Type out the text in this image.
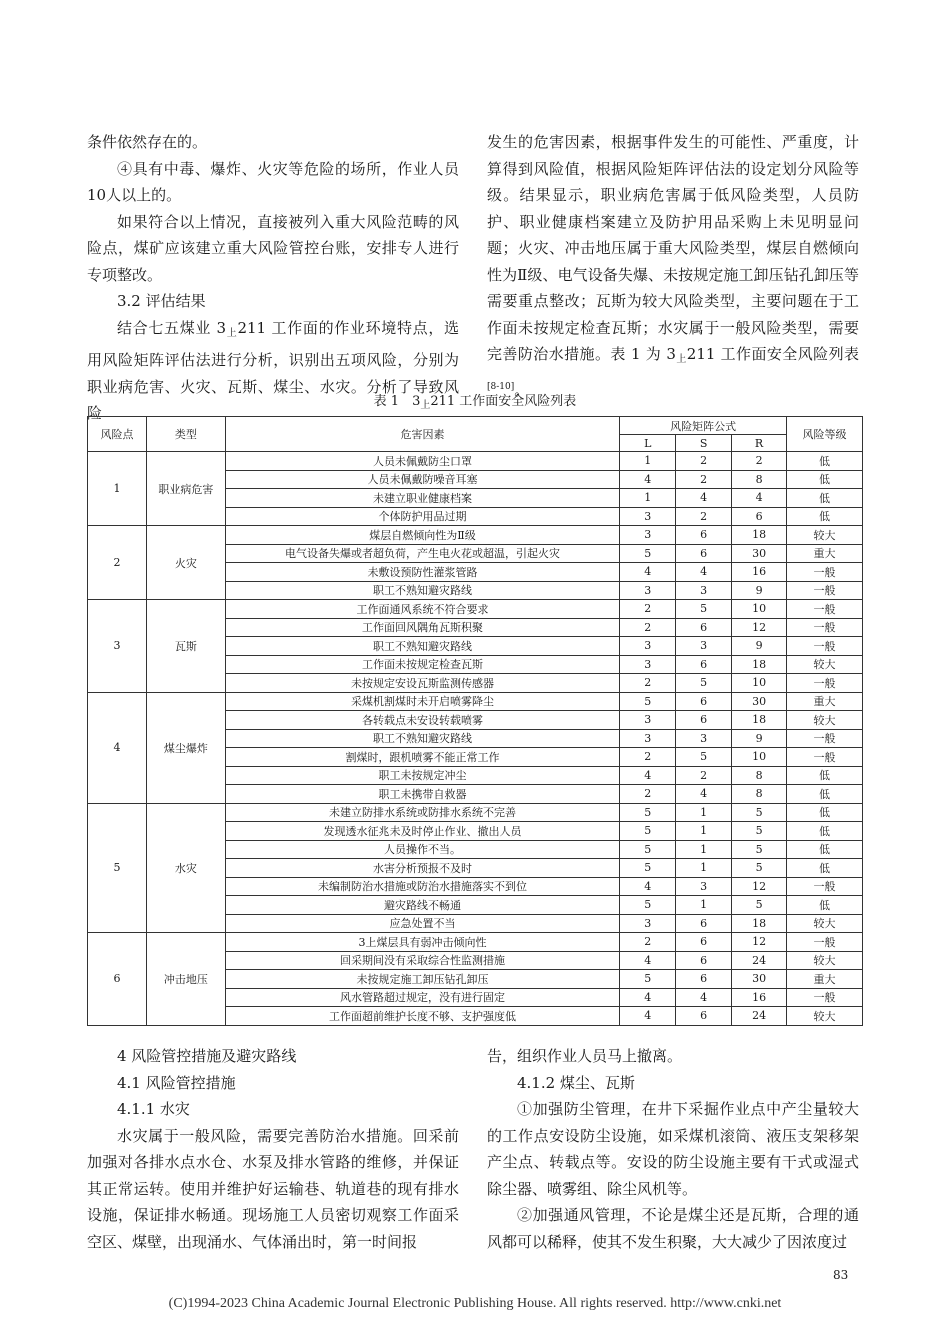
条件依然存在的。

④具有中毒、爆炸、火灾等危险的场所，作业人员10人以上的。

如果符合以上情况，直接被列入重大风险范畴的风险点，煤矿应该建立重大风险管控台账，安排专人进行专项整改。

3.2 评估结果

结合七五煤业 $3_上211$ 工作面的作业环境特点，选用风险矩阵评估法进行分析，识别出五项风险，分别为职业病危害、火灾、瓦斯、煤尘、水灾。分析了导致风险

发生的危害因素，根据事件发生的可能性、严重度，计算得到风险值，根据风险矩阵评估法的设定划分风险等级。结果显示，职业病危害属于低风险类型，人员防护、职业健康档案建立及防护用品采购上未见明显问题；火灾、冲击地压属于重大风险类型，煤层自燃倾向性为Ⅱ级、电气设备失爆、未按规定施工卸压钻孔卸压等需要重点整改；瓦斯为较大风险类型，主要问题在于工作面未按规定检查瓦斯；水灾属于一般风险类型，需要完善防治水措施。表 1 为 $3_上211$ 工作面安全风险列表[8-10]。

表 1　$3_上211$ 工作面安全风险列表
风险点	类型	危害因素	风险矩阵公式			风险等级
			L	S	R	
1	职业病危害	人员未佩戴防尘口罩	1	2	2	低
		人员未佩戴防噪音耳塞	4	2	8	低
		未建立职业健康档案	1	4	4	低
		个体防护用品过期	3	2	6	低
2	火灾	煤层自燃倾向性为Ⅱ级	3	6	18	较大
		电气设备失爆或者超负荷，产生电火花或超温，引起火灾	5	6	30	重大
		未敷设预防性灌浆管路	4	4	16	一般
		职工不熟知避灾路线	3	3	9	一般
3	瓦斯	工作面通风系统不符合要求	2	5	10	一般
		工作面回风隅角瓦斯积聚	2	6	12	一般
		职工不熟知避灾路线	3	3	9	一般
		工作面未按规定检查瓦斯	3	6	18	较大
		未按规定安设瓦斯监测传感器	2	5	10	一般
4	煤尘爆炸	采煤机割煤时未开启喷雾降尘	5	6	30	重大
		各转载点未安设转载喷雾	3	6	18	较大
		职工不熟知避灾路线	3	3	9	一般
		割煤时，跟机喷雾不能正常工作	2	5	10	一般
		职工未按规定冲尘	4	2	8	低
		职工未携带自救器	2	4	8	低
5	水灾	未建立防排水系统或防排水系统不完善	5	1	5	低
		发现透水征兆未及时停止作业、撤出人员	5	1	5	低
		人员操作不当。	5	1	5	低
		水害分析预报不及时	5	1	5	低
		未编制防治水措施或防治水措施落实不到位	4	3	12	一般
		避灾路线不畅通	5	1	5	低
		应急处置不当	3	6	18	较大
6	冲击地压	3上煤层具有弱冲击倾向性	2	6	12	一般
		回采期间没有采取综合性监测措施	4	6	24	较大
		未按规定施工卸压钻孔卸压	5	6	30	重大
		风水管路超过规定，没有进行固定	4	4	16	一般
		工作面超前维护长度不够、支护强度低	4	6	24	较大

4 风险管控措施及避灾路线

4.1 风险管控措施

4.1.1 水灾

水灾属于一般风险，需要完善防治水措施。回采前加强对各排水点水仓、水泵及排水管路的维修，并保证其正常运转。使用并维护好运输巷、轨道巷的现有排水设施，保证排水畅通。现场施工人员密切观察工作面采空区、煤壁，出现涌水、气体涌出时，第一时间报

告，组织作业人员马上撤离。

4.1.2 煤尘、瓦斯

①加强防尘管理，在井下采掘作业点中产尘量较大的工作点安设防尘设施，如采煤机滚筒、液压支架移架产尘点、转载点等。安设的防尘设施主要有干式或湿式除尘器、喷雾组、除尘风机等。

②加强通风管理，不论是煤尘还是瓦斯，合理的通风都可以稀释，使其不发生积聚，大大减少了因浓度过

83
(C)1994-2023 China Academic Journal Electronic Publishing House. All rights reserved. http://www.cnki.net
